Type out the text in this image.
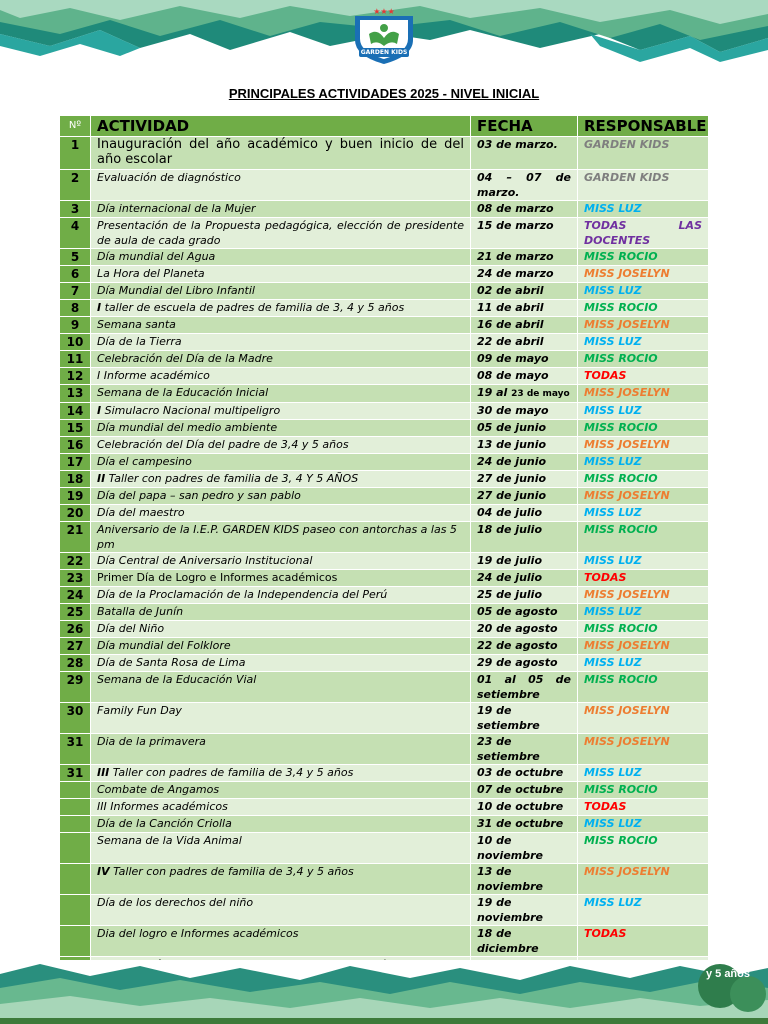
★★★
GARDEN KIDS
PRINCIPALES ACTIVIDADES 2025 - NIVEL INICIAL
Nº	ACTIVIDAD	FECHA	RESPONSABLE
1	Inauguración del año académico y buen inicio de del año escolar	03 de marzo.	GARDEN KIDS
2	Evaluación de diagnóstico	04 – 07 de marzo.	GARDEN KIDS
3	Día internacional de la Mujer	08 de marzo	MISS LUZ
4	Presentación de la Propuesta pedagógica, elección de presidente de aula de cada grado	15 de marzo	TODAS LAS DOCENTES
5	Día mundial del Agua	21 de marzo	MISS ROCIO
6	La Hora del Planeta	24 de marzo	MISS JOSELYN
7	Día Mundial del Libro Infantil	02 de abril	MISS LUZ
8	I taller de escuela de padres de familia de 3, 4 y 5 años	11 de abril	MISS ROCIO
9	Semana santa	16 de abril	MISS JOSELYN
10	Día de la Tierra	22 de abril	MISS LUZ
11	Celebración del Día de la Madre	09 de mayo	MISS ROCIO
12	I Informe académico	08 de mayo	TODAS
13	Semana de la Educación Inicial	19 al 23 de mayo	MISS JOSELYN
14	I Simulacro Nacional multipeligro	30 de mayo	MISS LUZ
15	Día mundial del medio ambiente	05 de junio	MISS ROCIO
16	Celebración del Día del padre de 3,4 y 5 años	13 de junio	MISS JOSELYN
17	Día el campesino	24 de junio	MISS LUZ
18	II Taller con padres de familia de 3, 4 Y 5 AÑOS	27 de junio	MISS ROCIO
19	Día del papa – san pedro y san pablo	27 de junio	MISS JOSELYN
20	Día del maestro	04 de julio	MISS LUZ
21	Aniversario de la I.E.P. GARDEN KIDS paseo con antorchas a las 5 pm	18 de julio	MISS ROCIO
22	Día Central de Aniversario Institucional	19 de julio	MISS LUZ
23	Primer Día de Logro e Informes académicos	24 de julio	TODAS
24	Día de la Proclamación de la Independencia del Perú	25 de julio	MISS JOSELYN
25	Batalla de Junín	05 de agosto	MISS LUZ
26	Día del Niño	20 de agosto	MISS ROCIO
27	Día mundial del Folklore	22 de agosto	MISS JOSELYN
28	Día de Santa Rosa de Lima	29 de agosto	MISS LUZ
29	Semana de la Educación Vial	01 al 05 de setiembre	MISS ROCIO
30	Family Fun Day	19 de setiembre	MISS JOSELYN
31	Dia de la primavera	23 de setiembre	MISS JOSELYN
31	III Taller con padres de familia de 3,4 y 5 años	03 de octubre	MISS LUZ
	Combate de Angamos	07 de octubre	MISS ROCIO
	III Informes académicos	10 de octubre	TODAS
	Día de la Canción Criolla	31 de octubre	MISS LUZ
	Semana de la Vida Animal	10 de noviembre	MISS ROCIO
	IV Taller con padres de familia de 3,4 y 5 años	13 de noviembre	MISS JOSELYN
	Día de los derechos del niño	19 de noviembre	MISS LUZ
	Dia del logro e Informes académicos	18 de diciembre	TODAS

y 5 años
